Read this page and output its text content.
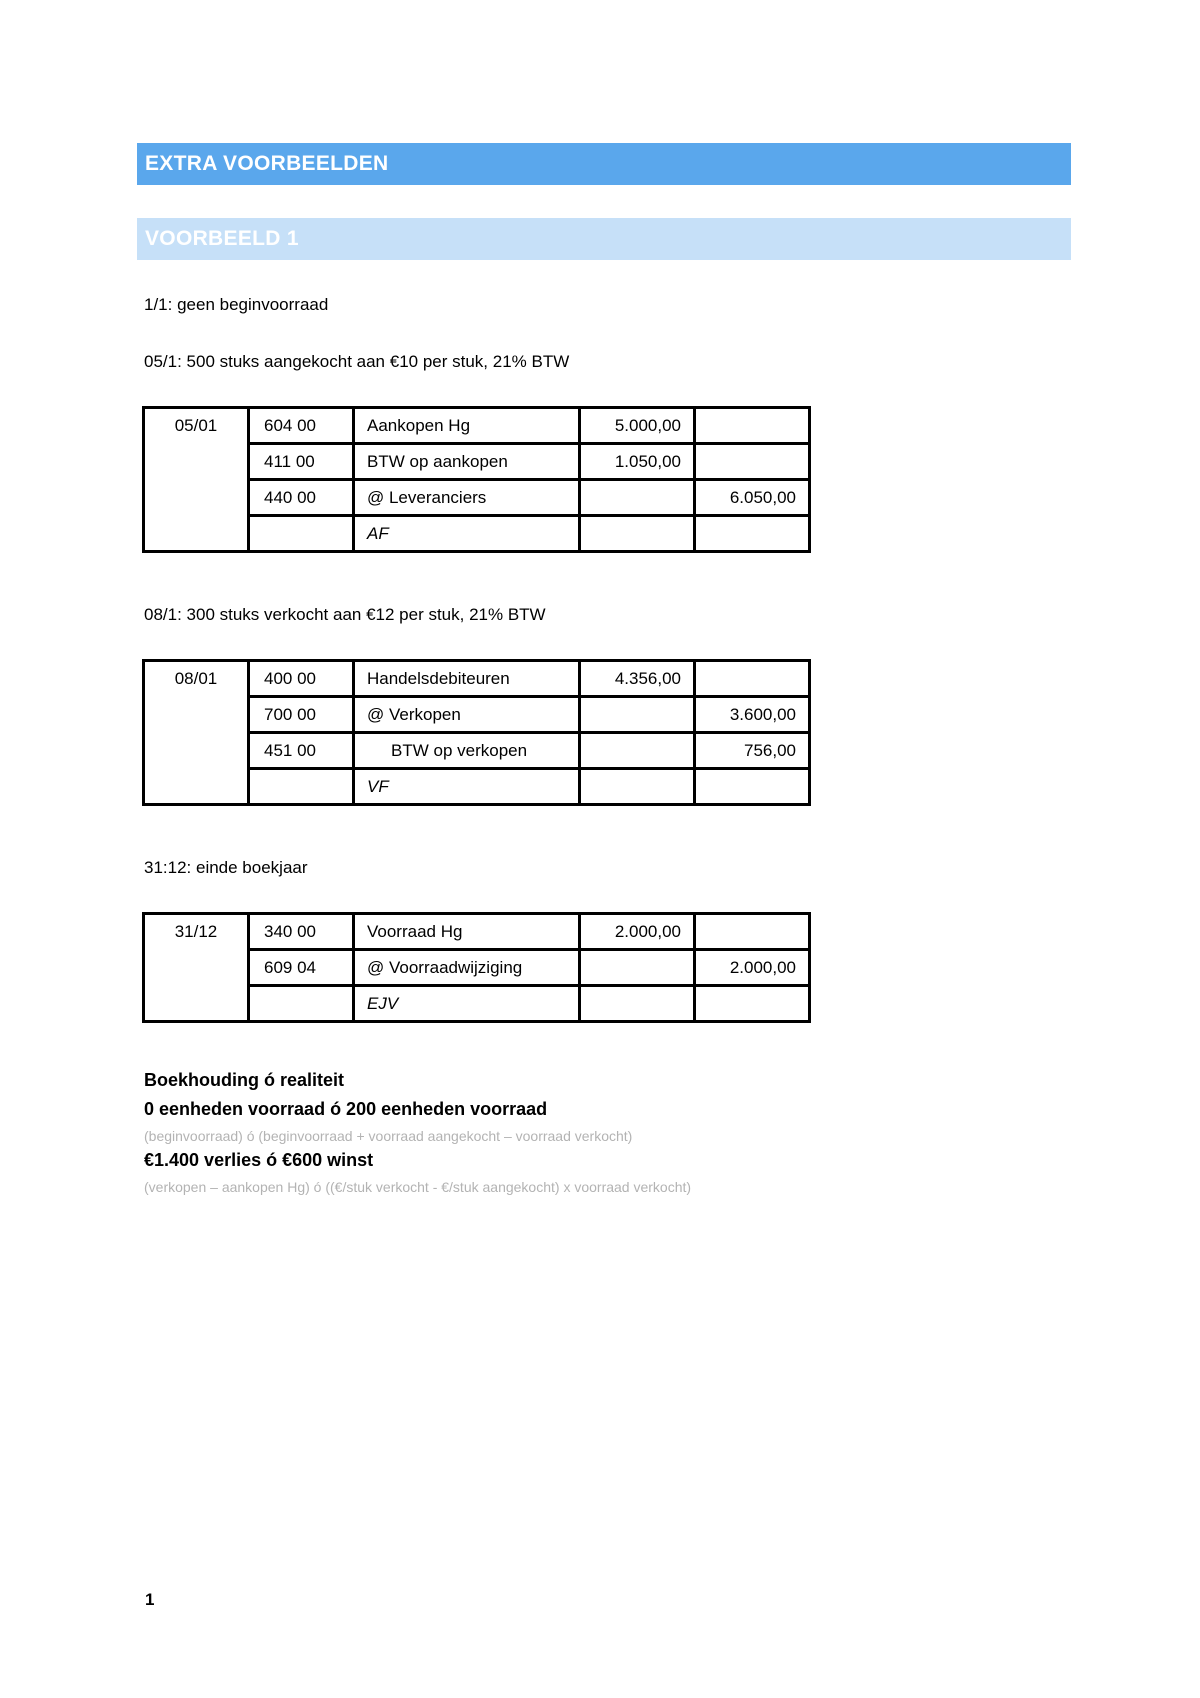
EXTRA VOORBEELDEN
VOORBEELD 1
1/1: geen beginvoorraad
05/1: 500 stuks aangekocht aan €10 per stuk, 21% BTW
05/01	604 00	Aankopen Hg	5.000,00	
	411 00	BTW op aankopen	1.050,00	
	440 00	@ Leveranciers		6.050,00
		AF		
08/1: 300 stuks verkocht aan €12 per stuk, 21% BTW
08/01	400 00	Handelsdebiteuren	4.356,00	
	700 00	@ Verkopen		3.600,00
	451 00	BTW op verkopen		756,00
		VF		
31:12: einde boekjaar
31/12	340 00	Voorraad Hg	2.000,00	
	609 04	@ Voorraadwijziging		2.000,00
		EJV		
Boekhouding ó realiteit
0 eenheden voorraad ó 200 eenheden voorraad
(beginvoorraad) ó (beginvoorraad + voorraad aangekocht – voorraad verkocht)
€1.400 verlies ó €600 winst
(verkopen – aankopen Hg) ó ((€/stuk verkocht - €/stuk aangekocht) x voorraad verkocht)
1
